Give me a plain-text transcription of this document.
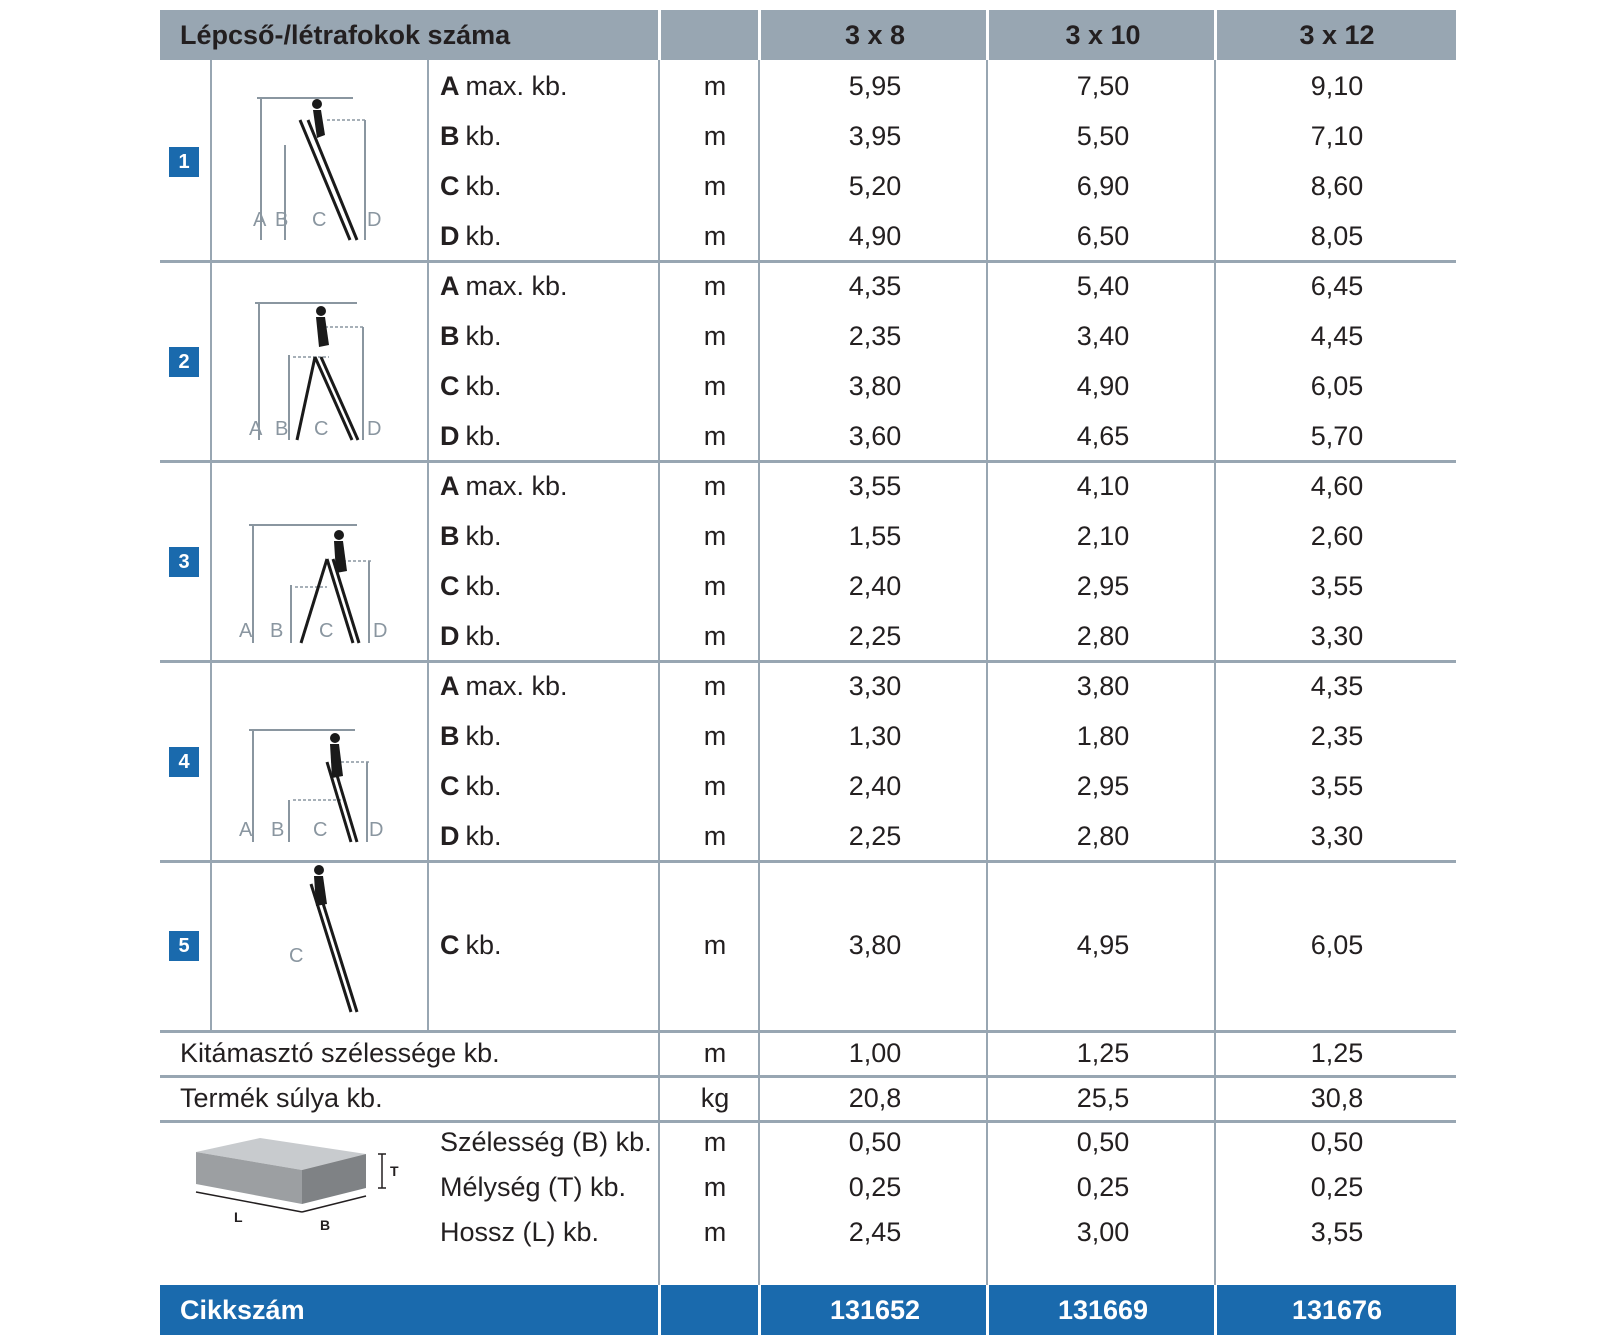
Lépcső-/létrafokok száma	3 x 8	3 x 10	3 x 12
1
A B C D
A max. kb.	m	5,95	7,50	9,10
B kb.	m	3,95	5,50	7,10
C kb.	m	5,20	6,90	8,60
D kb.	m	4,90	6,50	8,05
2
A B C D
A max. kb.	m	4,35	5,40	6,45
B kb.	m	2,35	3,40	4,45
C kb.	m	3,80	4,90	6,05
D kb.	m	3,60	4,65	5,70
3
A B C D
A max. kb.	m	3,55	4,10	4,60
B kb.	m	1,55	2,10	2,60
C kb.	m	2,40	2,95	3,55
D kb.	m	2,25	2,80	3,30
4
A B C D
A max. kb.	m	3,30	3,80	4,35
B kb.	m	1,30	1,80	2,35
C kb.	m	2,40	2,95	3,55
D kb.	m	2,25	2,80	3,30
5	C	C kb.	m	3,80	4,95	6,05
Kitámasztó szélessége kb.	m	1,00	1,25	1,25
Termék súlya kb.	kg	20,8	25,5	30,8
T
L	B
Szélesség (B) kb.	m	0,50	0,50	0,50
Mélység (T) kb.	m	0,25	0,25	0,25
Hossz (L) kb.	m	2,45	3,00	3,55
Cikkszám	131652	131669	131676
